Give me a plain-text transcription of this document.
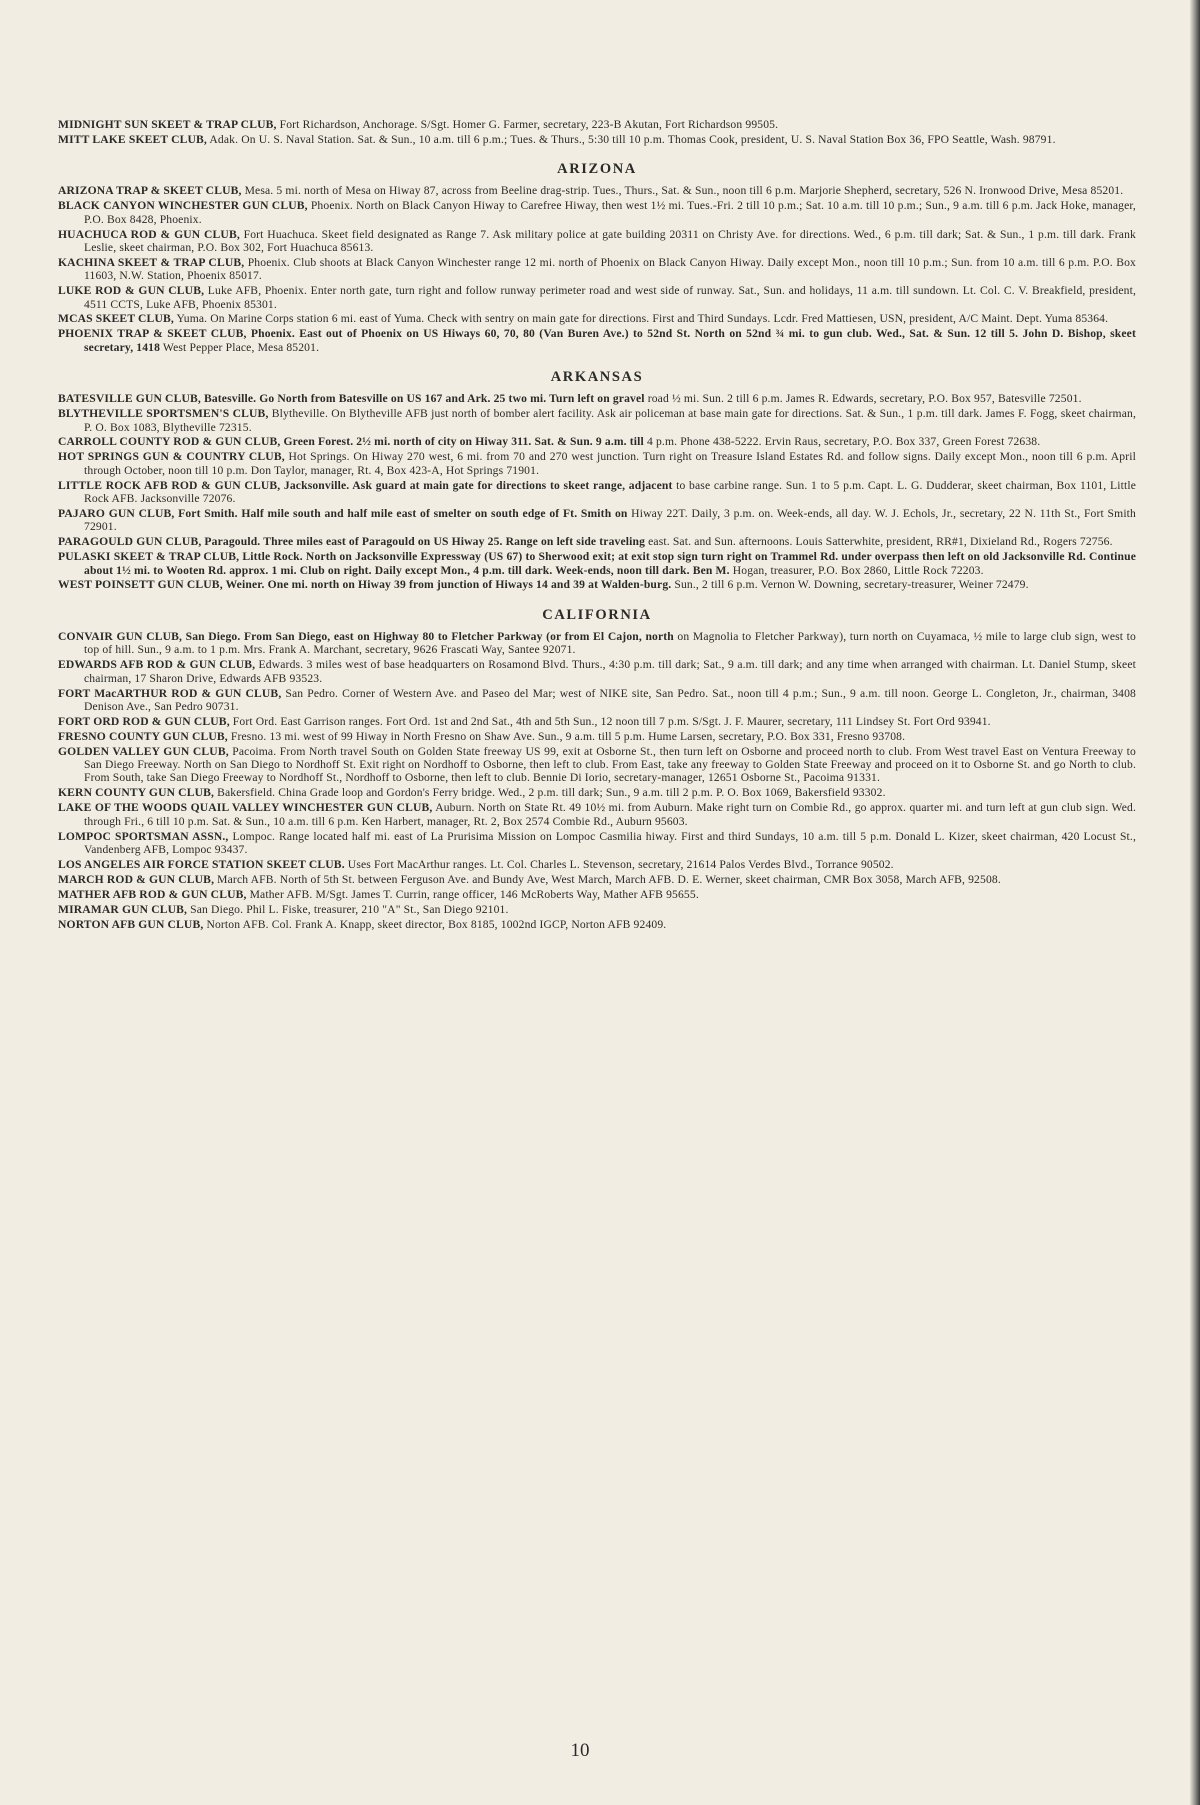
MIDNIGHT SUN SKEET & TRAP CLUB, Fort Richardson, Anchorage. S/Sgt. Homer G. Farmer, secretary, 223-B Akutan, Fort Richardson 99505.

MITT LAKE SKEET CLUB, Adak. On U. S. Naval Station. Sat. & Sun., 10 a.m. till 6 p.m.; Tues. & Thurs., 5:30 till 10 p.m. Thomas Cook, president, U. S. Naval Station Box 36, FPO Seattle, Wash. 98791.

ARIZONA

ARIZONA TRAP & SKEET CLUB, Mesa. 5 mi. north of Mesa on Hiway 87, across from Beeline drag-strip. Tues., Thurs., Sat. & Sun., noon till 6 p.m. Marjorie Shepherd, secretary, 526 N. Ironwood Drive, Mesa 85201.

BLACK CANYON WINCHESTER GUN CLUB, Phoenix. North on Black Canyon Hiway to Carefree Hiway, then west 1½ mi. Tues.-Fri. 2 till 10 p.m.; Sat. 10 a.m. till 10 p.m.; Sun., 9 a.m. till 6 p.m. Jack Hoke, manager, P.O. Box 8428, Phoenix.

HUACHUCA ROD & GUN CLUB, Fort Huachuca. Skeet field designated as Range 7. Ask military police at gate building 20311 on Christy Ave. for directions. Wed., 6 p.m. till dark; Sat. & Sun., 1 p.m. till dark. Frank Leslie, skeet chairman, P.O. Box 302, Fort Huachuca 85613.

KACHINA SKEET & TRAP CLUB, Phoenix. Club shoots at Black Canyon Winchester range 12 mi. north of Phoenix on Black Canyon Hiway. Daily except Mon., noon till 10 p.m.; Sun. from 10 a.m. till 6 p.m. P.O. Box 11603, N.W. Station, Phoenix 85017.

LUKE ROD & GUN CLUB, Luke AFB, Phoenix. Enter north gate, turn right and follow runway perimeter road and west side of runway. Sat., Sun. and holidays, 11 a.m. till sundown. Lt. Col. C. V. Breakfield, president, 4511 CCTS, Luke AFB, Phoenix 85301.

MCAS SKEET CLUB, Yuma. On Marine Corps station 6 mi. east of Yuma. Check with sentry on main gate for directions. First and Third Sundays. Lcdr. Fred Mattiesen, USN, president, A/C Maint. Dept. Yuma 85364.

PHOENIX TRAP & SKEET CLUB, Phoenix. East out of Phoenix on US Hiways 60, 70, 80 (Van Buren Ave.) to 52nd St. North on 52nd ¾ mi. to gun club. Wed., Sat. & Sun. 12 till 5. John D. Bishop, skeet secretary, 1418 West Pepper Place, Mesa 85201.

ARKANSAS

BATESVILLE GUN CLUB, Batesville. Go North from Batesville on US 167 and Ark. 25 two mi. Turn left on gravel road ½ mi. Sun. 2 till 6 p.m. James R. Edwards, secretary, P.O. Box 957, Batesville 72501.

BLYTHEVILLE SPORTSMEN'S CLUB, Blytheville. On Blytheville AFB just north of bomber alert facility. Ask air policeman at base main gate for directions. Sat. & Sun., 1 p.m. till dark. James F. Fogg, skeet chairman, P. O. Box 1083, Blytheville 72315.

CARROLL COUNTY ROD & GUN CLUB, Green Forest. 2½ mi. north of city on Hiway 311. Sat. & Sun. 9 a.m. till 4 p.m. Phone 438-5222. Ervin Raus, secretary, P.O. Box 337, Green Forest 72638.

HOT SPRINGS GUN & COUNTRY CLUB, Hot Springs. On Hiway 270 west, 6 mi. from 70 and 270 west junction. Turn right on Treasure Island Estates Rd. and follow signs. Daily except Mon., noon till 6 p.m. April through October, noon till 10 p.m. Don Taylor, manager, Rt. 4, Box 423-A, Hot Springs 71901.

LITTLE ROCK AFB ROD & GUN CLUB, Jacksonville. Ask guard at main gate for directions to skeet range, adjacent to base carbine range. Sun. 1 to 5 p.m. Capt. L. G. Dudderar, skeet chairman, Box 1101, Little Rock AFB. Jacksonville 72076.

PAJARO GUN CLUB, Fort Smith. Half mile south and half mile east of smelter on south edge of Ft. Smith on Hiway 22T. Daily, 3 p.m. on. Week-ends, all day. W. J. Echols, Jr., secretary, 22 N. 11th St., Fort Smith 72901.

PARAGOULD GUN CLUB, Paragould. Three miles east of Paragould on US Hiway 25. Range on left side traveling east. Sat. and Sun. afternoons. Louis Satterwhite, president, RR#1, Dixieland Rd., Rogers 72756.

PULASKI SKEET & TRAP CLUB, Little Rock. North on Jacksonville Expressway (US 67) to Sherwood exit; at exit stop sign turn right on Trammel Rd. under overpass then left on old Jacksonville Rd. Continue about 1½ mi. to Wooten Rd. approx. 1 mi. Club on right. Daily except Mon., 4 p.m. till dark. Week-ends, noon till dark. Ben M. Hogan, treasurer, P.O. Box 2860, Little Rock 72203.

WEST POINSETT GUN CLUB, Weiner. One mi. north on Hiway 39 from junction of Hiways 14 and 39 at Walden-burg. Sun., 2 till 6 p.m. Vernon W. Downing, secretary-treasurer, Weiner 72479.

CALIFORNIA

CONVAIR GUN CLUB, San Diego. From San Diego, east on Highway 80 to Fletcher Parkway (or from El Cajon, north on Magnolia to Fletcher Parkway), turn north on Cuyamaca, ½ mile to large club sign, west to top of hill. Sun., 9 a.m. to 1 p.m. Mrs. Frank A. Marchant, secretary, 9626 Frascati Way, Santee 92071.

EDWARDS AFB ROD & GUN CLUB, Edwards. 3 miles west of base headquarters on Rosamond Blvd. Thurs., 4:30 p.m. till dark; Sat., 9 a.m. till dark; and any time when arranged with chairman. Lt. Daniel Stump, skeet chairman, 17 Sharon Drive, Edwards AFB 93523.

FORT MacARTHUR ROD & GUN CLUB, San Pedro. Corner of Western Ave. and Paseo del Mar; west of NIKE site, San Pedro. Sat., noon till 4 p.m.; Sun., 9 a.m. till noon. George L. Congleton, Jr., chairman, 3408 Denison Ave., San Pedro 90731.

FORT ORD ROD & GUN CLUB, Fort Ord. East Garrison ranges. Fort Ord. 1st and 2nd Sat., 4th and 5th Sun., 12 noon till 7 p.m. S/Sgt. J. F. Maurer, secretary, 111 Lindsey St. Fort Ord 93941.

FRESNO COUNTY GUN CLUB, Fresno. 13 mi. west of 99 Hiway in North Fresno on Shaw Ave. Sun., 9 a.m. till 5 p.m. Hume Larsen, secretary, P.O. Box 331, Fresno 93708.

GOLDEN VALLEY GUN CLUB, Pacoima. From North travel South on Golden State freeway US 99, exit at Osborne St., then turn left on Osborne and proceed north to club. From West travel East on Ventura Freeway to San Diego Freeway. North on San Diego to Nordhoff St. Exit right on Nordhoff to Osborne, then left to club. From East, take any freeway to Golden State Freeway and proceed on it to Osborne St. and go North to club. From South, take San Diego Freeway to Nordhoff St., Nordhoff to Osborne, then left to club. Bennie Di Iorio, secretary-manager, 12651 Osborne St., Pacoima 91331.

KERN COUNTY GUN CLUB, Bakersfield. China Grade loop and Gordon's Ferry bridge. Wed., 2 p.m. till dark; Sun., 9 a.m. till 2 p.m. P. O. Box 1069, Bakersfield 93302.

LAKE OF THE WOODS QUAIL VALLEY WINCHESTER GUN CLUB, Auburn. North on State Rt. 49 10½ mi. from Auburn. Make right turn on Combie Rd., go approx. quarter mi. and turn left at gun club sign. Wed. through Fri., 6 till 10 p.m. Sat. & Sun., 10 a.m. till 6 p.m. Ken Harbert, manager, Rt. 2, Box 2574 Combie Rd., Auburn 95603.

LOMPOC SPORTSMAN ASSN., Lompoc. Range located half mi. east of La Prurisima Mission on Lompoc Casmilia hiway. First and third Sundays, 10 a.m. till 5 p.m. Donald L. Kizer, skeet chairman, 420 Locust St., Vandenberg AFB, Lompoc 93437.

LOS ANGELES AIR FORCE STATION SKEET CLUB. Uses Fort MacArthur ranges. Lt. Col. Charles L. Stevenson, secretary, 21614 Palos Verdes Blvd., Torrance 90502.

MARCH ROD & GUN CLUB, March AFB. North of 5th St. between Ferguson Ave. and Bundy Ave, West March, March AFB. D. E. Werner, skeet chairman, CMR Box 3058, March AFB, 92508.

MATHER AFB ROD & GUN CLUB, Mather AFB. M/Sgt. James T. Currin, range officer, 146 McRoberts Way, Mather AFB 95655.

MIRAMAR GUN CLUB, San Diego. Phil L. Fiske, treasurer, 210 "A" St., San Diego 92101.

NORTON AFB GUN CLUB, Norton AFB. Col. Frank A. Knapp, skeet director, Box 8185, 1002nd IGCP, Norton AFB 92409.

10
